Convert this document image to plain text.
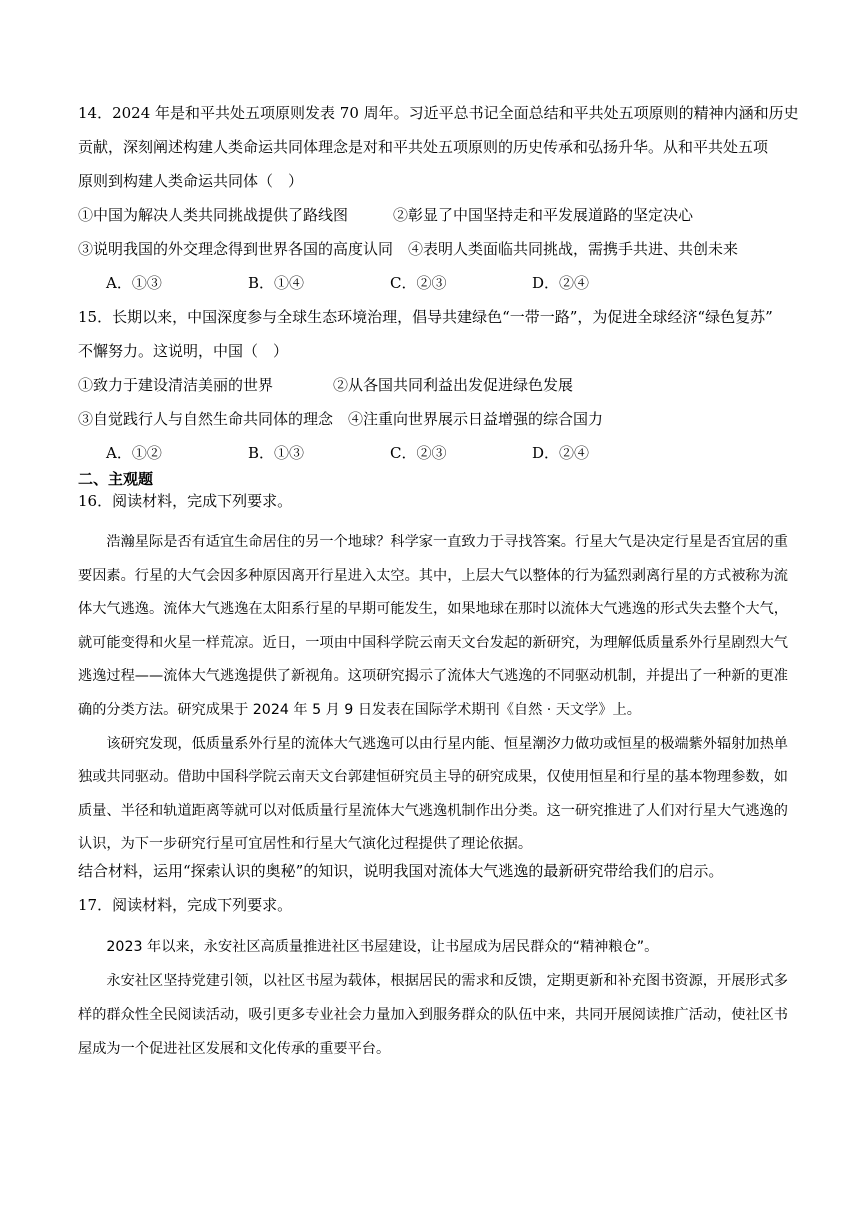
14．2024 年是和平共处五项原则发表 70 周年。习近平总书记全面总结和平共处五项原则的精神内涵和历史
贡献，深刻阐述构建人类命运共同体理念是对和平共处五项原则的历史传承和弘扬升华。从和平共处五项
原则到构建人类命运共同体（　）
①中国为解决人类共同挑战提供了路线图　　　②彰显了中国坚持走和平发展道路的坚定决心
③说明我国的外交理念得到世界各国的高度认同　④表明人类面临共同挑战，需携手共进、共创未来
A．①③	B．①④	C．②③	D．②④
15．长期以来，中国深度参与全球生态环境治理，倡导共建绿色“一带一路”，为促进全球经济“绿色复苏”
不懈努力。这说明，中国（　）
①致力于建设清洁美丽的世界　　　　②从各国共同利益出发促进绿色发展
③自觉践行人与自然生命共同体的理念　④注重向世界展示日益增强的综合国力
A．①②	B．①③	C．②③	D．②④
二、主观题
16．阅读材料，完成下列要求。

浩瀚星际是否有适宜生命居住的另一个地球？科学家一直致力于寻找答案。行星大气是决定行星是否宜居的重要因素。行星的大气会因多种原因离开行星进入太空。其中，上层大气以整体的行为猛烈剥离行星的方式被称为流体大气逃逸。流体大气逃逸在太阳系行星的早期可能发生，如果地球在那时以流体大气逃逸的形式失去整个大气，就可能变得和火星一样荒凉。近日，一项由中国科学院云南天文台发起的新研究，为理解低质量系外行星剧烈大气逃逸过程——流体大气逃逸提供了新视角。这项研究揭示了流体大气逃逸的不同驱动机制，并提出了一种新的更准确的分类方法。研究成果于 2024 年 5 月 9 日发表在国际学术期刊《自然 · 天文学》上。

该研究发现，低质量系外行星的流体大气逃逸可以由行星内能、恒星潮汐力做功或恒星的极端紫外辐射加热单独或共同驱动。借助中国科学院云南天文台郭建恒研究员主导的研究成果，仅使用恒星和行星的基本物理参数，如质量、半径和轨道距离等就可以对低质量行星流体大气逃逸机制作出分类。这一研究推进了人们对行星大气逃逸的认识，为下一步研究行星可宜居性和行星大气演化过程提供了理论依据。

结合材料，运用“探索认识的奥秘”的知识，说明我国对流体大气逃逸的最新研究带给我们的启示。
17．阅读材料，完成下列要求。

2023 年以来，永安社区高质量推进社区书屋建设，让书屋成为居民群众的“精神粮仓”。

永安社区坚持党建引领，以社区书屋为载体，根据居民的需求和反馈，定期更新和补充图书资源，开展形式多样的群众性全民阅读活动，吸引更多专业社会力量加入到服务群众的队伍中来，共同开展阅读推广活动，使社区书屋成为一个促进社区发展和文化传承的重要平台。
